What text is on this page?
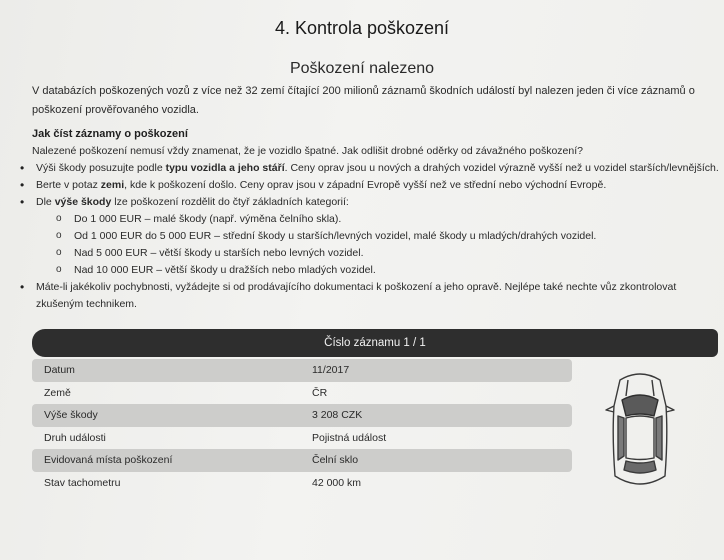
4. Kontrola poškození
Poškození nalezeno
V databázích poškozených vozů z více než 32 zemí čítající 200 milionů záznamů škodních událostí byl nalezen jeden či více záznamů o poškození prověřovaného vozidla.
Jak číst záznamy o poškození
Nalezené poškození nemusí vždy znamenat, že je vozidlo špatné. Jak odlišit drobné oděrky od závažného poškození?
• Výši škody posuzujte podle typu vozidla a jeho stáří. Ceny oprav jsou u nových a drahých vozidel výrazně vyšší než u vozidel starších/levnějších.
• Berte v potaz zemi, kde k poškození došlo. Ceny oprav jsou v západní Evropě vyšší než ve střední nebo východní Evropě.
• Dle výše škody lze poškození rozdělit do čtyř základních kategorií:
o Do 1 000 EUR – malé škody (např. výměna čelního skla).
o Od 1 000 EUR do 5 000 EUR – střední škody u starších/levných vozidel, malé škody u mladých/drahých vozidel.
o Nad 5 000 EUR – větší škody u starších nebo levných vozidel.
o Nad 10 000 EUR – větší škody u dražších nebo mladých vozidel.
• Máte-li jakékoliv pochybnosti, vyžádejte si od prodávajícího dokumentaci k poškození a jeho opravě. Nejlépe také nechte vůz zkontrolovat zkušeným technikem.
Číslo záznamu 1 / 1
Datum	11/2017
Země	ČR
Výše škody	3 208 CZK
Druh události	Pojistná událost
Evidovaná místa poškození	Čelní sklo
Stav tachometru	42 000 km
